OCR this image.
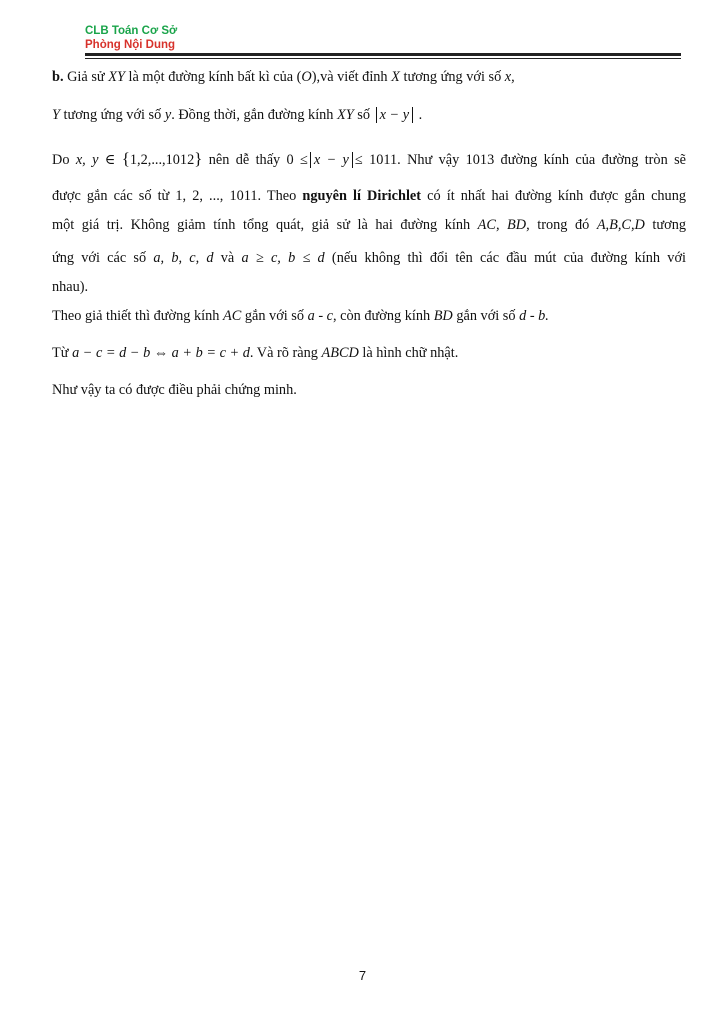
CLB Toán Cơ Sở
Phòng Nội Dung

b. Giả sử XY là một đường kính bất kì của (O),và viết đỉnh X tương ứng với số x,

Y tương ứng với số y. Đồng thời, gắn đường kính XY số x − y .

Do x, y ∈ {1,2,...,1012} nên dễ thấy 0 ≤ x − y ≤ 1011. Như vậy 1013 đường kính của đường tròn sẽ

được gắn các số từ 1, 2, ..., 1011. Theo nguyên lí Dirichlet có ít nhất hai đường kính được gắn chung

một giá trị. Không giảm tính tổng quát, giả sử là hai đường kính AC, BD, trong đó A,B,C,D tương

ứng với các số a, b, c, d và a ≥ c, b ≤ d (nếu không thì đổi tên các đầu mút của đường kính với

nhau).

Theo giả thiết thì đường kính AC gắn với số a - c, còn đường kính BD gắn với số d - b.

Từ a − c = d − b ⇔ a + b = c + d. Và rõ ràng ABCD là hình chữ nhật.

Như vậy ta có được điều phải chứng minh.

7
